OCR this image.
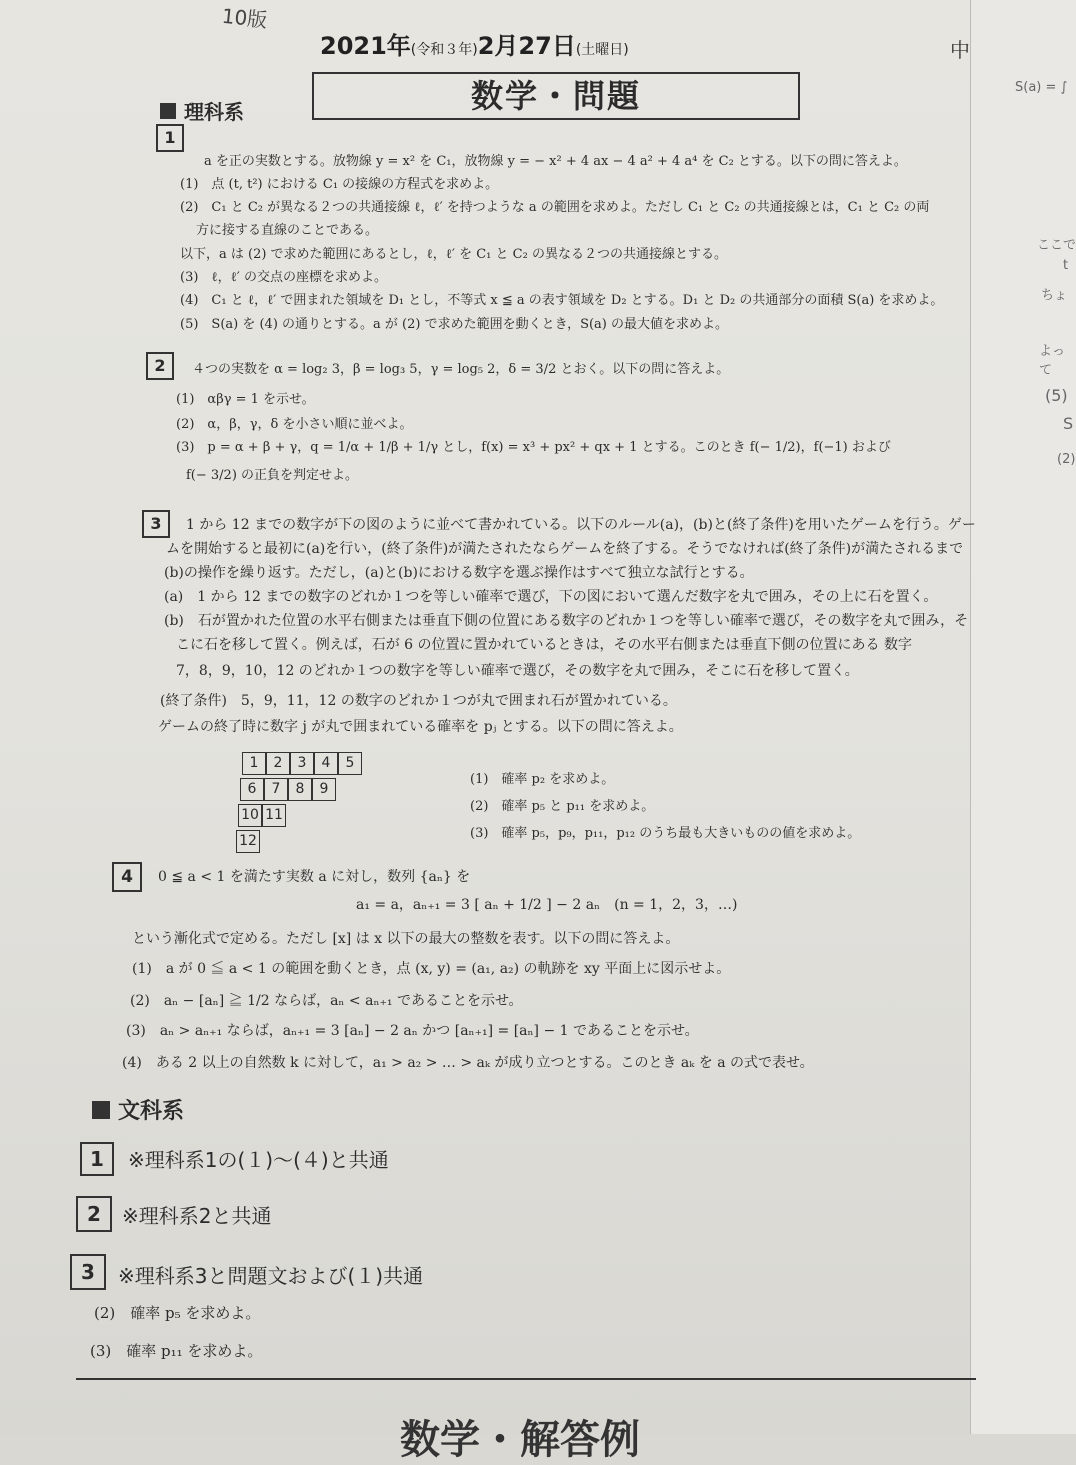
S(a) = ∫
ここで
t
ちょ
よって
(5)
S
(2)
10版
2021年(令和３年)2月27日(土曜日)	中
数学・問題
理科系
1
a を正の実数とする。放物線 y = x² を C₁，放物線 y = − x² + 4 ax − 4 a² + 4 a⁴ を C₂ とする。以下の問に答えよ。
(1)　点 (t, t²) における C₁ の接線の方程式を求めよ。
(2)　C₁ と C₂ が異なる２つの共通接線 ℓ，ℓ′ を持つような a の範囲を求めよ。ただし C₁ と C₂ の共通接線とは，C₁ と C₂ の両
方に接する直線のことである。
以下，a は (2) で求めた範囲にあるとし，ℓ，ℓ′ を C₁ と C₂ の異なる２つの共通接線とする。
(3)　ℓ，ℓ′ の交点の座標を求めよ。
(4)　C₁ と ℓ，ℓ′ で囲まれた領域を D₁ とし，不等式 x ≦ a の表す領域を D₂ とする。D₁ と D₂ の共通部分の面積 S(a) を求めよ。
(5)　S(a) を (4) の通りとする。a が (2) で求めた範囲を動くとき，S(a) の最大値を求めよ。
2	４つの実数を α = log₂ 3，β = log₃ 5，γ = log₅ 2，δ = 3/2 とおく。以下の問に答えよ。
(1)　αβγ = 1 を示せ。
(2)　α，β，γ，δ を小さい順に並べよ。
(3)　p = α + β + γ，q = 1/α + 1/β + 1/γ とし，f(x) = x³ + px² + qx + 1 とする。このとき f(− 1/2)，f(−1) および
f(− 3/2) の正負を判定せよ。
3	1 から 12 までの数字が下の図のように並べて書かれている。以下のルール(a)，(b)と(終了条件)を用いたゲームを行う。ゲー
ムを開始すると最初に(a)を行い，(終了条件)が満たされたならゲームを終了する。そうでなければ(終了条件)が満たされるまで
(b)の操作を繰り返す。ただし，(a)と(b)における数字を選ぶ操作はすべて独立な試行とする。
(a)　1 から 12 までの数字のどれか１つを等しい確率で選び，下の図において選んだ数字を丸で囲み，その上に石を置く。
(b)　石が置かれた位置の水平右側または垂直下側の位置にある数字のどれか１つを等しい確率で選び，その数字を丸で囲み，そ
こに石を移して置く。例えば，石が 6 の位置に置かれているときは，その水平右側または垂直下側の位置にある 数字
7，8，9，10，12 のどれか１つの数字を等しい確率で選び，その数字を丸で囲み，そこに石を移して置く。
(終了条件)　5，9，11，12 の数字のどれか１つが丸で囲まれ石が置かれている。
ゲームの終了時に数字 j が丸で囲まれている確率を pⱼ とする。以下の問に答えよ。
1	2	3	4	5
6	7	8	9
10 11
12
(1)　確率 p₂ を求めよ。
(2)　確率 p₅ と p₁₁ を求めよ。
(3)　確率 p₅，p₉，p₁₁，p₁₂ のうち最も大きいものの値を求めよ。
4	0 ≦ a < 1 を満たす実数 a に対し，数列 {aₙ} を
a₁ = a，aₙ₊₁ = 3 [ aₙ + 1/2 ] − 2 aₙ　(n = 1，2，3，…)
という漸化式で定める。ただし [x] は x 以下の最大の整数を表す。以下の問に答えよ。
(1)　a が 0 ≦ a < 1 の範囲を動くとき，点 (x, y) = (a₁, a₂) の軌跡を xy 平面上に図示せよ。
(2)　aₙ − [aₙ] ≧ 1/2 ならば，aₙ < aₙ₊₁ であることを示せ。
(3)　aₙ > aₙ₊₁ ならば，aₙ₊₁ = 3 [aₙ] − 2 aₙ かつ [aₙ₊₁] = [aₙ] − 1 であることを示せ。
(4)　ある 2 以上の自然数 k に対して，a₁ > a₂ > … > aₖ が成り立つとする。このとき aₖ を a の式で表せ。
文科系
1	※理科系1の(１)〜(４)と共通
2	※理科系2と共通
3	※理科系3と問題文および(１)共通
(2)　確率 p₅ を求めよ。
(3)　確率 p₁₁ を求めよ。
数学・解答例
